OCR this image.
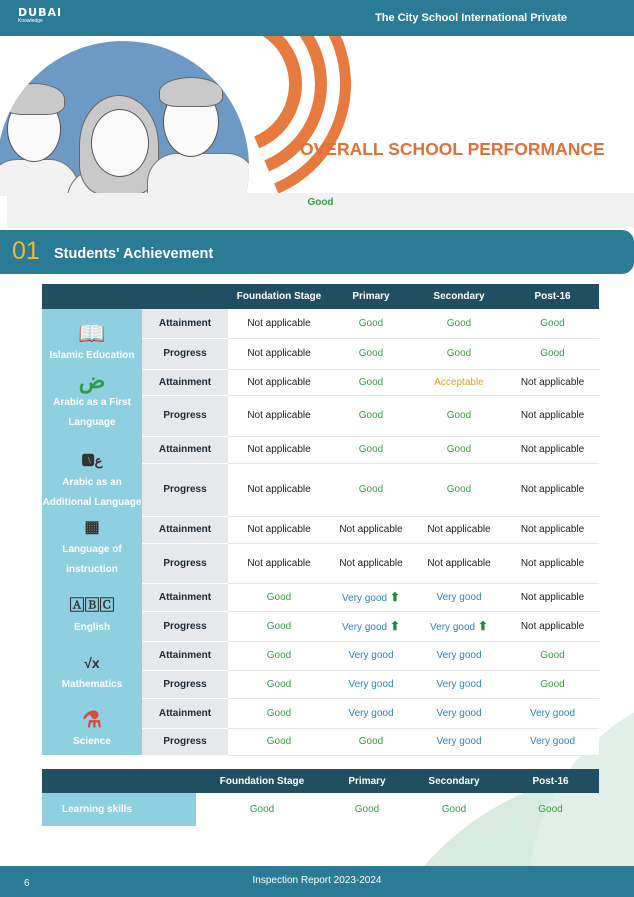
DUBAI
Knowledge	The City School International Private
OVERALL SCHOOL PERFORMANCE
Good
01 Students' Achievement
		Foundation Stage	Primary	Secondary	Post-16

📖
Islamic Education	Attainment	Not applicable	Good	Good	Good
	Progress	Not applicable	Good	Good	Good

ض
Arabic as a First Language	Attainment	Not applicable	Good	Acceptable	Not applicable
	Progress	Not applicable	Good	Good	Not applicable

🅰︎ع
Arabic as an Additional Language	Attainment	Not applicable	Good	Good	Not applicable
	Progress	Not applicable	Good	Good	Not applicable

▦
Language of instruction	Attainment	Not applicable	Not applicable	Not applicable	Not applicable
	Progress	Not applicable	Not applicable	Not applicable	Not applicable

🄰🄱🄲
English	Attainment	Good	Very good ⬆	Very good	Not applicable
	Progress	Good	Very good ⬆	Very good ⬆	Not applicable

√x
Mathematics	Attainment	Good	Very good	Very good	Good
	Progress	Good	Very good	Very good	Good

⚗
Science	Attainment	Good	Very good	Very good	Very good
	Progress	Good	Good	Very good	Very good
	Foundation Stage	Primary	Secondary	Post-16
Learning skills	Good	Good	Good	Good
6	Inspection Report 2023-2024
